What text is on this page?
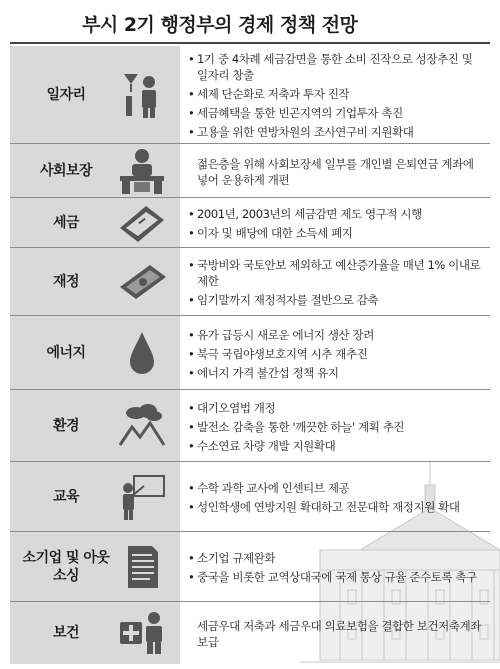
부시 2기 행정부의 경제 정책 전망
일자리
• 1기 중 4차례 세금감면을 통한 소비 진작으로 성장추진 및 일자리 창출
• 세제 단순화로 저축과 투자 진작
• 세금혜택을 통한 빈곤지역의 기업투자 촉진
• 고용을 위한 연방차원의 조사연구비 지원확대
사회보장	젊은층을 위해 사회보장세 일부를 개인별 은퇴연금 계좌에 넣어 운용하게 개편
세금
• 2001년, 2003년의 세금감면 제도 영구적 시행
• 이자 및 배당에 대한 소득세 폐지
재정
• 국방비와 국토안보 제외하고 예산증가율을 매년 1% 이내로 제한
• 임기말까지 재정적자를 절반으로 감축
에너지
• 유가 급등시 새로운 에너지 생산 장려
• 북극 국립야생보호지역 시추 재추진
• 에너지 가격 불간섭 정책 유지
환경
• 대기오염법 개정
• 발전소 감축을 통한 '깨끗한 하늘' 계획 추진
• 수소연료 차량 개발 지원확대
교육
• 수학 과학 교사에 인센티브 제공
• 성인학생에 연방지원 확대하고 전문대학 재정지원 확대
소기업 및 아웃소싱
• 소기업 규제완화
• 중국을 비롯한 교역상대국에 국제 통상 규율 준수토록 촉구
보건	세금우대 저축과 세금우대 의료보험을 결합한 보건저축계좌 보급
